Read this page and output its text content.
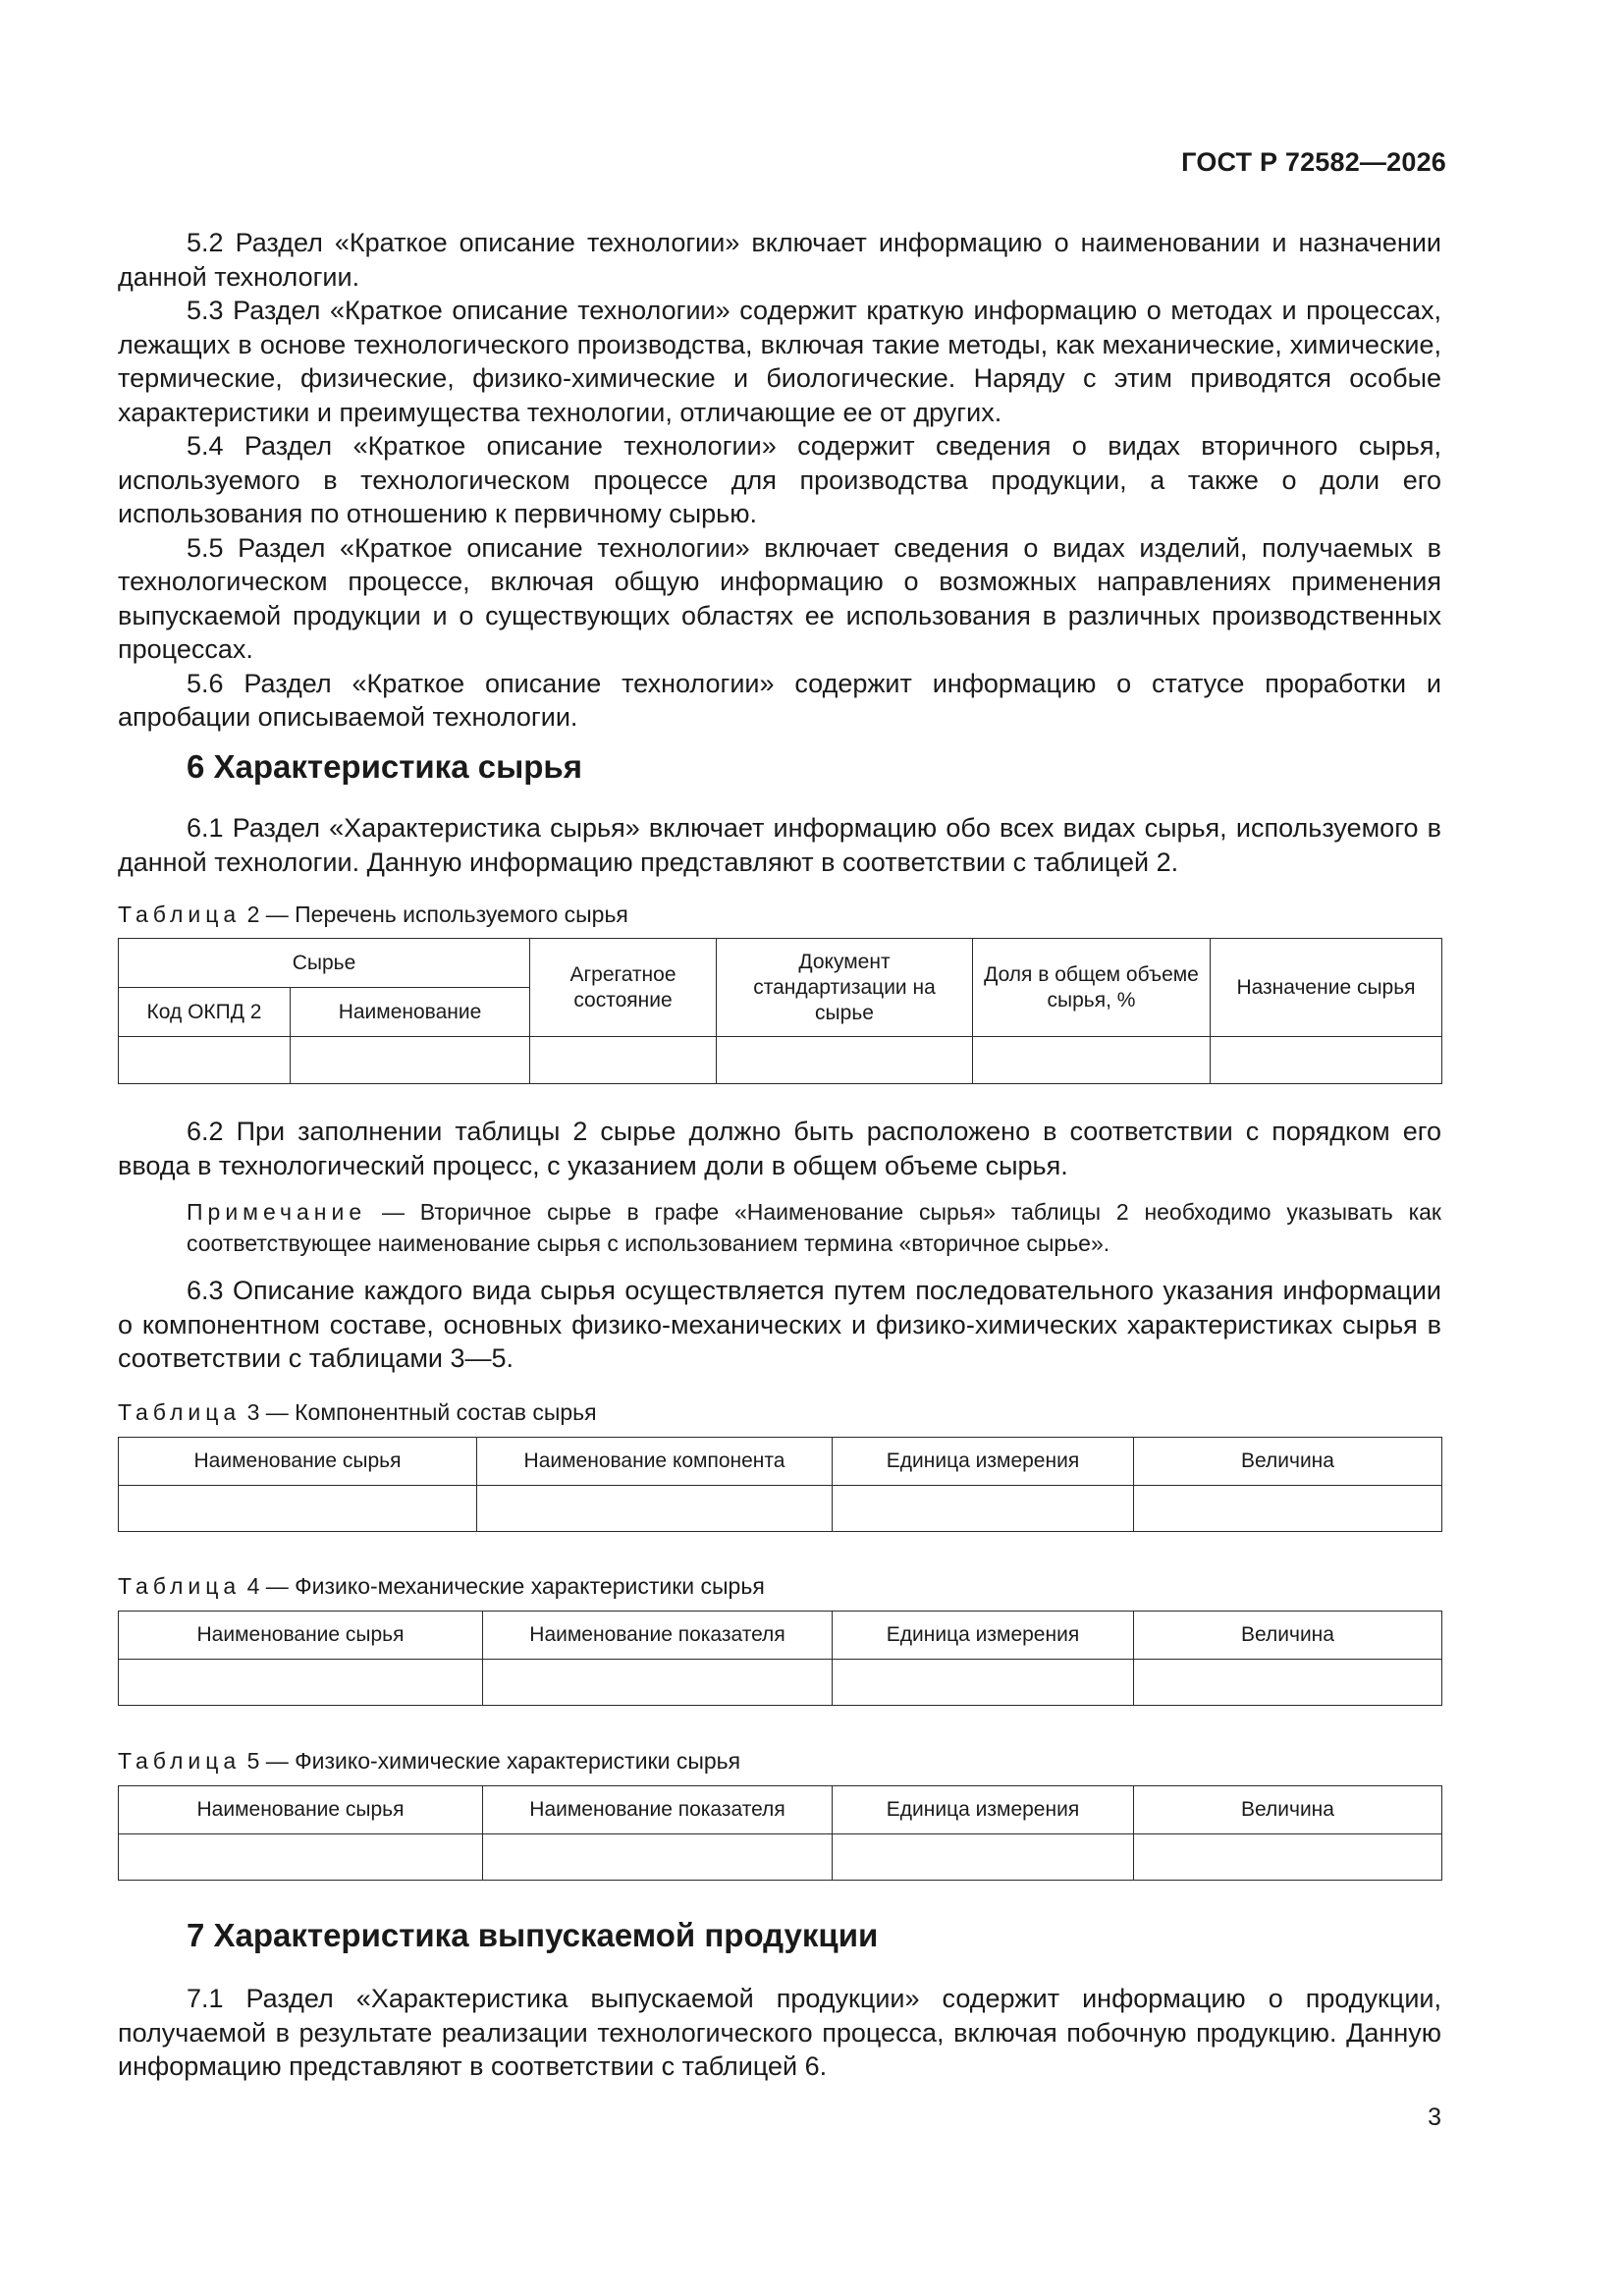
ГОСТ Р 72582—2026

5.2 Раздел «Краткое описание технологии» включает информацию о наименовании и назначении данной технологии.

5.3 Раздел «Краткое описание технологии» содержит краткую информацию о методах и процессах, лежащих в основе технологического производства, включая такие методы, как механические, химические, термические, физические, физико-химические и биологические. Наряду с этим приводятся особые характеристики и преимущества технологии, отличающие ее от других.

5.4 Раздел «Краткое описание технологии» содержит сведения о видах вторичного сырья, используемого в технологическом процессе для производства продукции, а также о доли его использования по отношению к первичному сырью.

5.5 Раздел «Краткое описание технологии» включает сведения о видах изделий, получаемых в технологическом процессе, включая общую информацию о возможных направлениях применения выпускаемой продукции и о существующих областях ее использования в различных производственных процессах.

5.6 Раздел «Краткое описание технологии» содержит информацию о статусе проработки и апробации описываемой технологии.

6 Характеристика сырья

6.1 Раздел «Характеристика сырья» включает информацию обо всех видах сырья, используемого в данной технологии. Данную информацию представляют в соответствии с таблицей 2.

Таблица 2 — Перечень используемого сырья
Сырье		Агрегатное состояние	Документ стандартизации на сырье	Доля в общем объеме сырья, %	Назначение сырья
Код ОКПД 2	Наименование				

6.2 При заполнении таблицы 2 сырье должно быть расположено в соответствии с порядком его ввода в технологический процесс, с указанием доли в общем объеме сырья.

Примечание — Вторичное сырье в графе «Наименование сырья» таблицы 2 необходимо указывать как соответствующее наименование сырья с использованием термина «вторичное сырье».

6.3 Описание каждого вида сырья осуществляется путем последовательного указания информации о компонентном составе, основных физико-механических и физико-химических характеристиках сырья в соответствии с таблицами 3—5.

Таблица 3 — Компонентный состав сырья
Наименование сырья	Наименование компонента	Единица измерения	Величина

Таблица 4 — Физико-механические характеристики сырья
Наименование сырья	Наименование показателя	Единица измерения	Величина

Таблица 5 — Физико-химические характеристики сырья
Наименование сырья	Наименование показателя	Единица измерения	Величина

7 Характеристика выпускаемой продукции

7.1 Раздел «Характеристика выпускаемой продукции» содержит информацию о продукции, получаемой в результате реализации технологического процесса, включая побочную продукцию. Данную информацию представляют в соответствии с таблицей 6.

3
